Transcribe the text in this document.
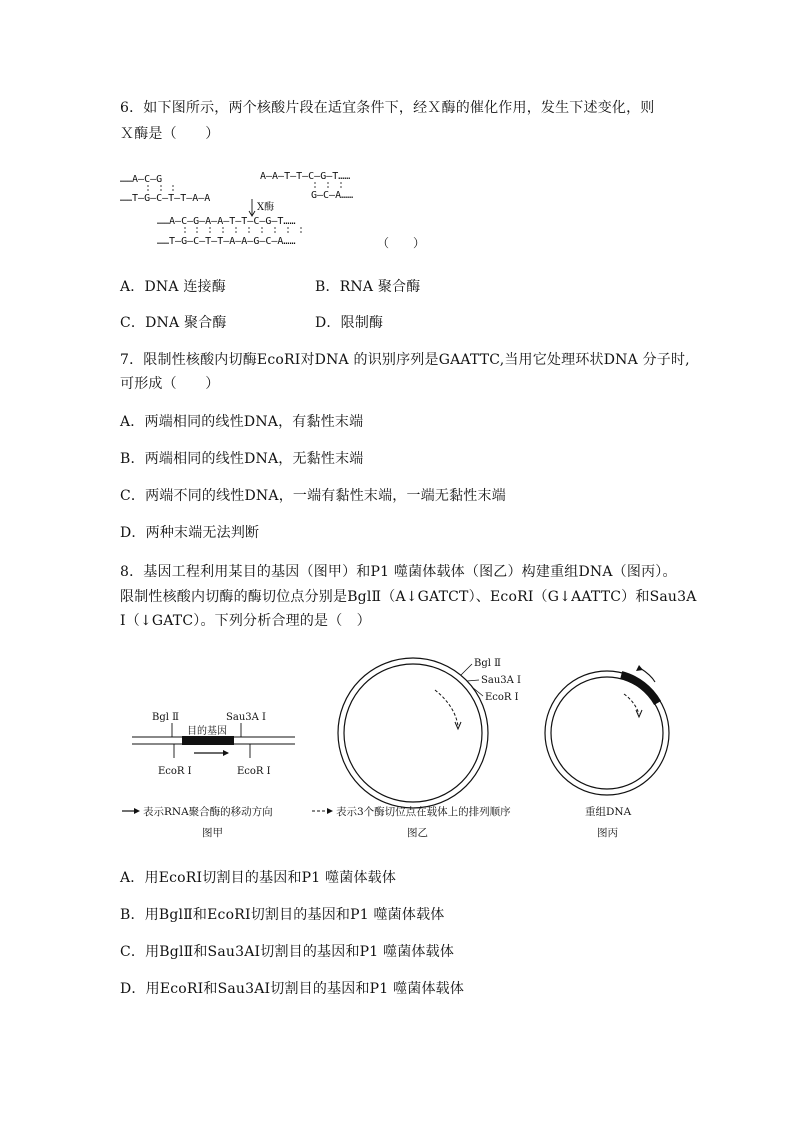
6．如下图所示，两个核酸片段在适宜条件下，经Ｘ酶的催化作用，发生下述变化，则
Ｘ酶是（　　）
……A–C–G
……T–G–C–T–T–A–A
A–A–T–T–C–G–T……
G–C–A……
X酶
……A–C–G–A–A–T–T–C–G–T……
……T–G–C–T–T–A–A–G–C–A……	（　　）
A．DNA 连接酶	B．RNA 聚合酶
C．DNA 聚合酶	D．限制酶
7．限制性核酸内切酶EcoRⅠ对DNA 的识别序列是GAATTC,当用它处理环状DNA 分子时,
可形成（　　）
A．两端相同的线性DNA，有黏性末端
B．两端相同的线性DNA，无黏性末端
C．两端不同的线性DNA，一端有黏性末端，一端无黏性末端
D．两种末端无法判断
8．基因工程利用某目的基因（图甲）和P1 噬菌体载体（图乙）构建重组DNA（图丙）。
限制性核酸内切酶的酶切位点分别是BglⅡ（A↓GATCT）、EcoRⅠ（G↓AATTC）和Sau3A
Ⅰ（↓GATC）。下列分析合理的是（　）
Bgl Ⅱ	Sau3A Ⅰ
目的基因
EcoR Ⅰ	EcoR Ⅰ
表示RNA聚合酶的移动方向
图甲
Bgl Ⅱ
Sau3A Ⅰ
EcoR Ⅰ
表示3个酶切位点在载体上的排列顺序
图乙
重组DNA
图丙
A．用EcoRⅠ切割目的基因和P1 噬菌体载体
B．用BglⅡ和EcoRⅠ切割目的基因和P1 噬菌体载体
C．用BglⅡ和Sau3AⅠ切割目的基因和P1 噬菌体载体
D．用EcoRⅠ和Sau3AⅠ切割目的基因和P1 噬菌体载体
